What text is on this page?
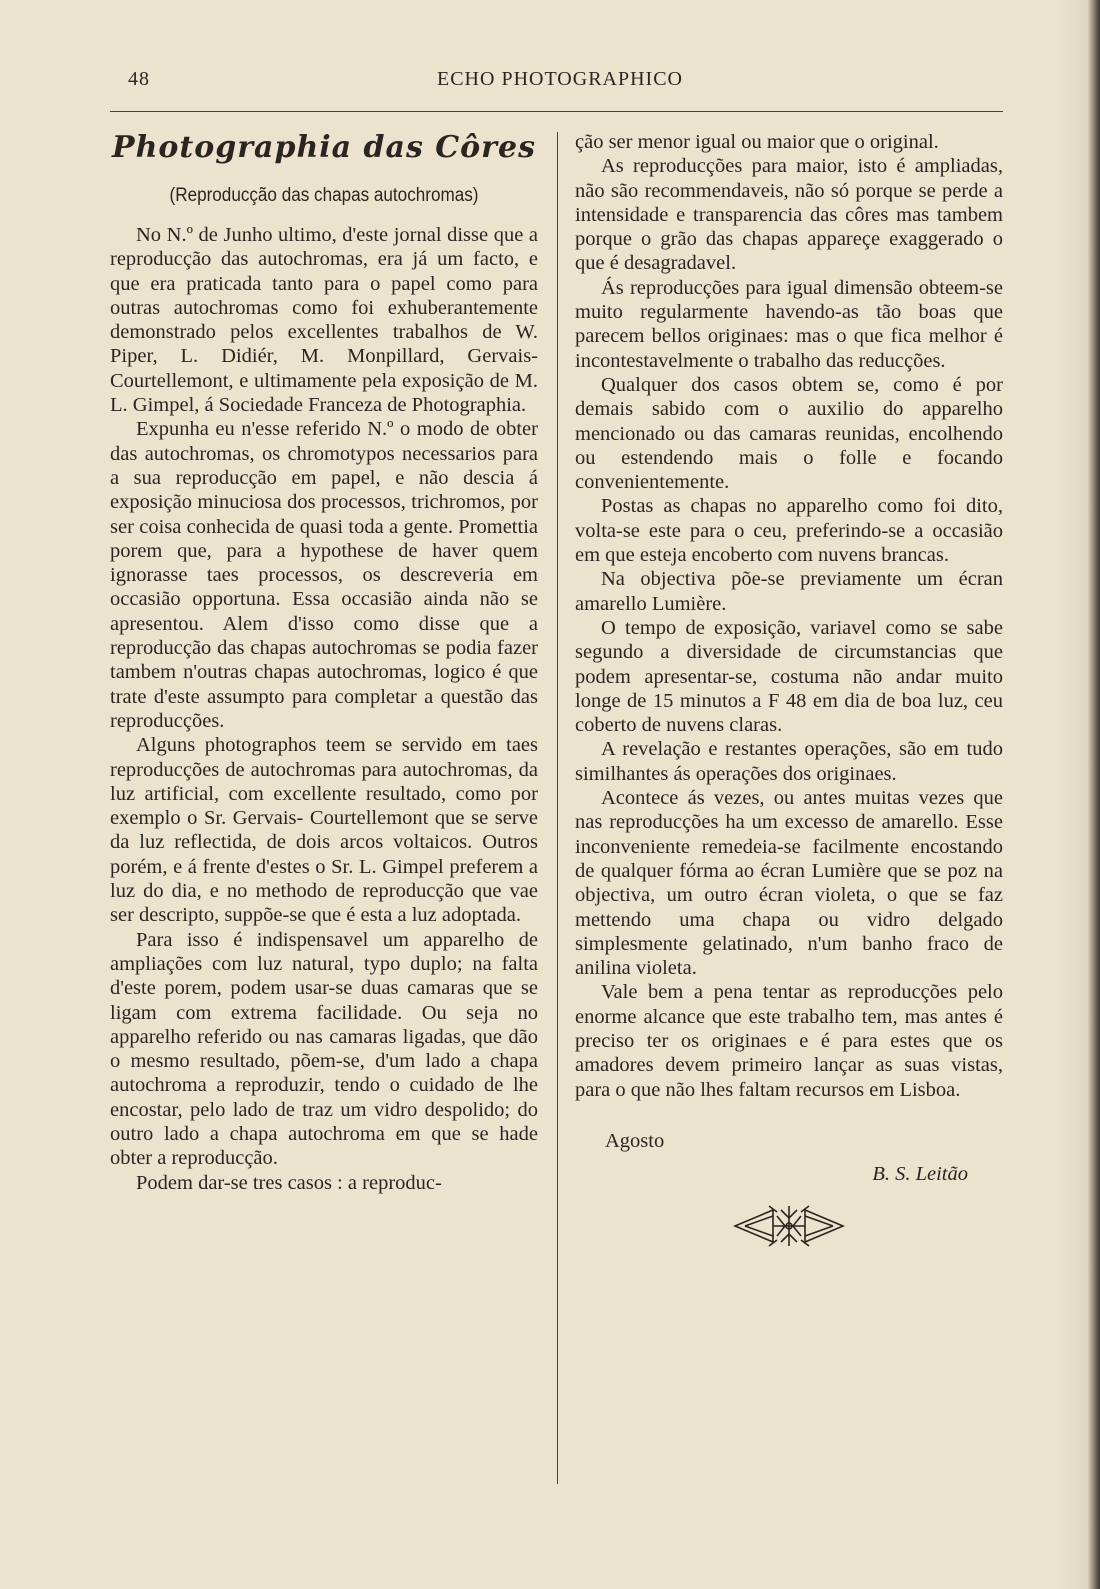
48	ECHO PHOTOGRAPHICO
Photographia das Côres
(Reproducção das chapas autochromas)

No N.º de Junho ultimo, d'este jornal disse que a reproducção das autochromas, era já um facto, e que era praticada tanto para o papel como para outras autochromas como foi exhuberantemente demonstrado pelos excellentes trabalhos de W. Piper, L. Didiér, M. Monpillard, Gervais-Courtellemont, e ultimamente pela exposição de M. L. Gimpel, á Sociedade Franceza de Photographia.

Expunha eu n'esse referido N.º o modo de obter das autochromas, os chromotypos necessarios para a sua reproducção em papel, e não descia á exposição minuciosa dos processos, trichromos, por ser coisa conhecida de quasi toda a gente. Promettia porem que, para a hypothese de haver quem ignorasse taes processos, os descreveria em occasião opportuna. Essa occasião ainda não se apresentou. Alem d'isso como disse que a reproducção das chapas autochromas se podia fazer tambem n'outras chapas autochromas, logico é que trate d'este assumpto para completar a questão das reproducções.

Alguns photographos teem se servido em taes reproducções de autochromas para autochromas, da luz artificial, com excellente resultado, como por exemplo o Sr. Gervais- Courtellemont que se serve da luz reflectida, de dois arcos voltaicos. Outros porém, e á frente d'estes o Sr. L. Gimpel preferem a luz do dia, e no methodo de reproducção que vae ser descripto, suppõe-se que é esta a luz adoptada.

Para isso é indispensavel um apparelho de ampliações com luz natural, typo duplo; na falta d'este porem, podem usar-se duas camaras que se ligam com extrema facilidade. Ou seja no apparelho referido ou nas camaras ligadas, que dão o mesmo resultado, põem-se, d'um lado a chapa autochroma a reproduzir, tendo o cuidado de lhe encostar, pelo lado de traz um vidro despolido; do outro lado a chapa autochroma em que se hade obter a reproducção.

Podem dar-se tres casos : a reproduc-

ção ser menor igual ou maior que o original.

As reproducções para maior, isto é ampliadas, não são recommendaveis, não só porque se perde a intensidade e transparencia das côres mas tambem porque o grão das chapas appareçe exaggerado o que é desagradavel.

Ás reproducções para igual dimensão obteem-se muito regularmente havendo-as tão boas que parecem bellos originaes: mas o que fica melhor é incontestavelmente o trabalho das reducções.

Qualquer dos casos obtem se, como é por demais sabido com o auxilio do apparelho mencionado ou das camaras reunidas, encolhendo ou estendendo mais o folle e focando convenientemente.

Postas as chapas no apparelho como foi dito, volta-se este para o ceu, preferindo-se a occasião em que esteja encoberto com nuvens brancas.

Na objectiva põe-se previamente um écran amarello Lumière.

O tempo de exposição, variavel como se sabe segundo a diversidade de circumstancias que podem apresentar-se, costuma não andar muito longe de 15 minutos a F 48 em dia de boa luz, ceu coberto de nuvens claras.

A revelação e restantes operações, são em tudo similhantes ás operações dos originaes.

Acontece ás vezes, ou antes muitas vezes que nas reproducções ha um excesso de amarello. Esse inconveniente remedeia-se facilmente encostando de qualquer fórma ao écran Lumière que se poz na objectiva, um outro écran violeta, o que se faz mettendo uma chapa ou vidro delgado simplesmente gelatinado, n'um banho fraco de anilina violeta.

Vale bem a pena tentar as reproducções pelo enorme alcance que este trabalho tem, mas antes é preciso ter os originaes e é para estes que os amadores devem primeiro lançar as suas vistas, para o que não lhes faltam recursos em Lisboa.

Agosto
B. S. Leitão
